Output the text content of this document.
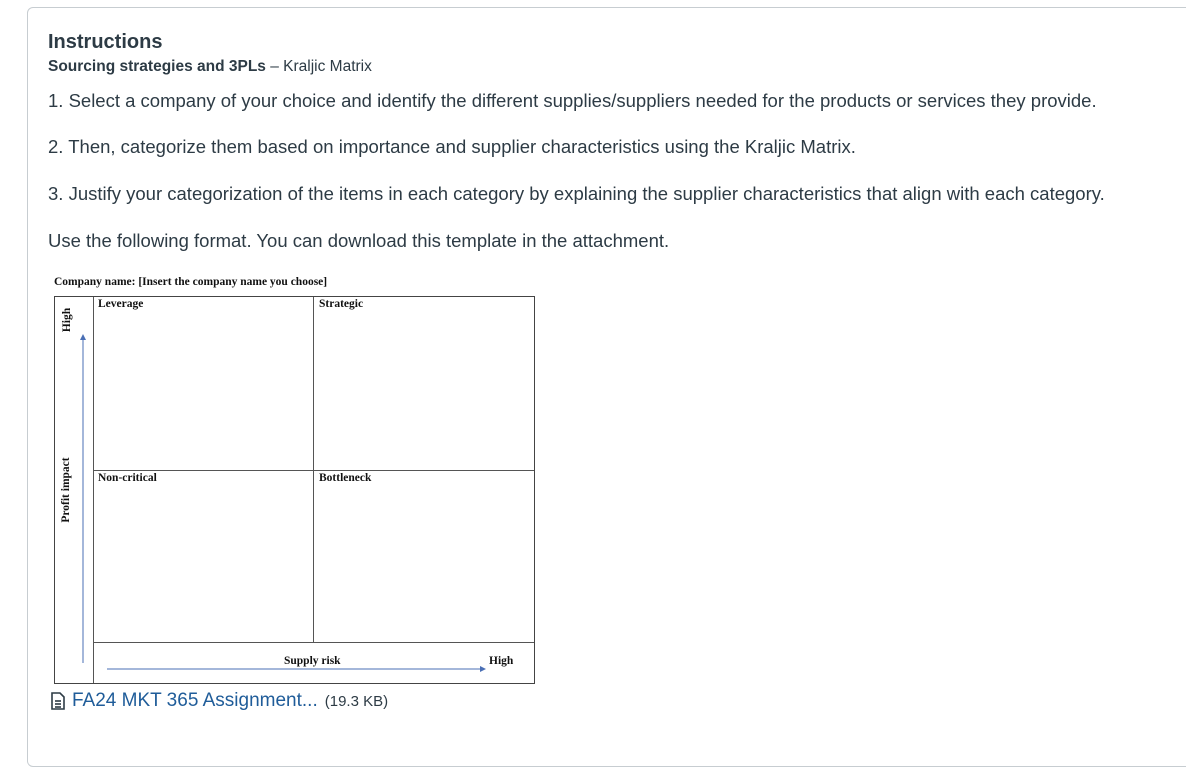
Instructions
Sourcing strategies and 3PLs – Kraljic Matrix

1. Select a company of your choice and identify the different supplies/suppliers needed for the products or services they provide.

2. Then, categorize them based on importance and supplier characteristics using the Kraljic Matrix.

3. Justify your categorization of the items in each category by explaining the supplier characteristics that align with each category.

Use the following format. You can download this template in the attachment.

Company name: [Insert the company name you choose]
Leverage	Strategic
Non-critical	Bottleneck
High
Profit impact
Supply risk	High
FA24 MKT 365 Assignment... (19.3 KB)
